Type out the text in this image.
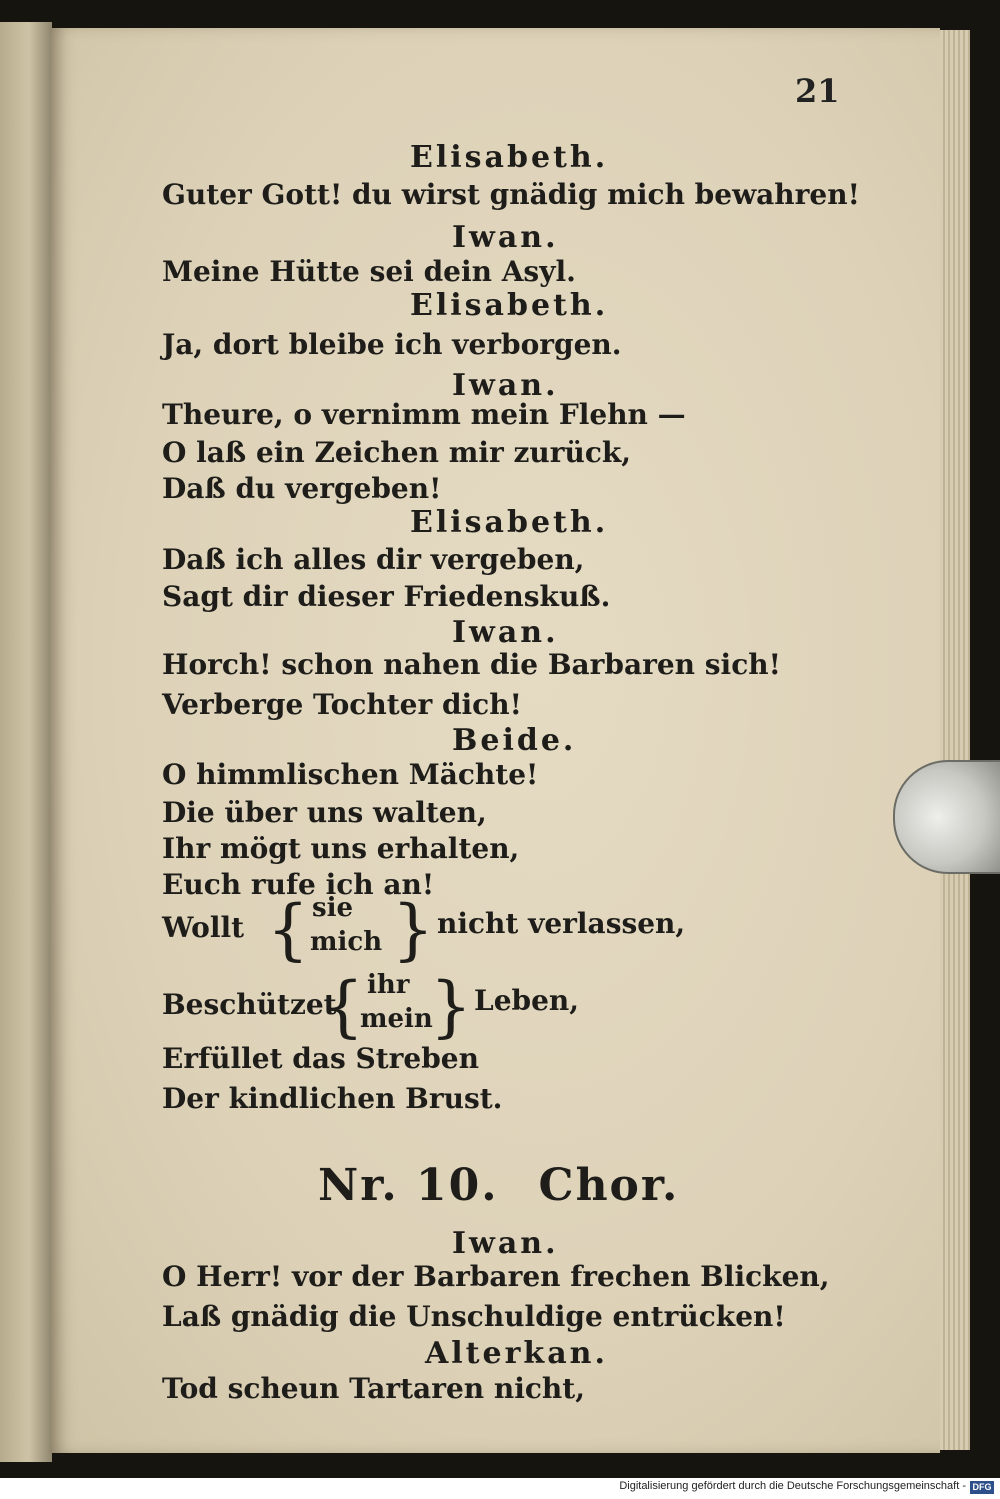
21
Elisabeth.
Guter Gott! du wirst gnädig mich bewahren!
Iwan.
Meine Hütte sei dein Asyl.
Elisabeth.
Ja, dort bleibe ich verborgen.
Iwan.
Theure, o vernimm mein Flehn —
O laß ein Zeichen mir zurück,
Daß du vergeben!
Elisabeth.
Daß ich alles dir vergeben,
Sagt dir dieser Friedenskuß.
Iwan.
Horch! schon nahen die Barbaren sich!
Verberge Tochter dich!
Beide.
O himmlischen Mächte!
Die über uns walten,
Ihr mögt uns erhalten,
Euch rufe ich an!
Wollt { sie
mich } nicht verlassen,
Beschützet
{ ihr
mein
} Leben,
Erfüllet das Streben
Der kindlichen Brust.
Nr. 10. Chor.
Iwan.
O Herr! vor der Barbaren frechen Blicken,
Laß gnädig die Unschuldige entrücken!
Alterkan.
Tod scheun Tartaren nicht,
Digitalisierung gefördert durch die Deutsche Forschungsgemeinschaft - DFG
